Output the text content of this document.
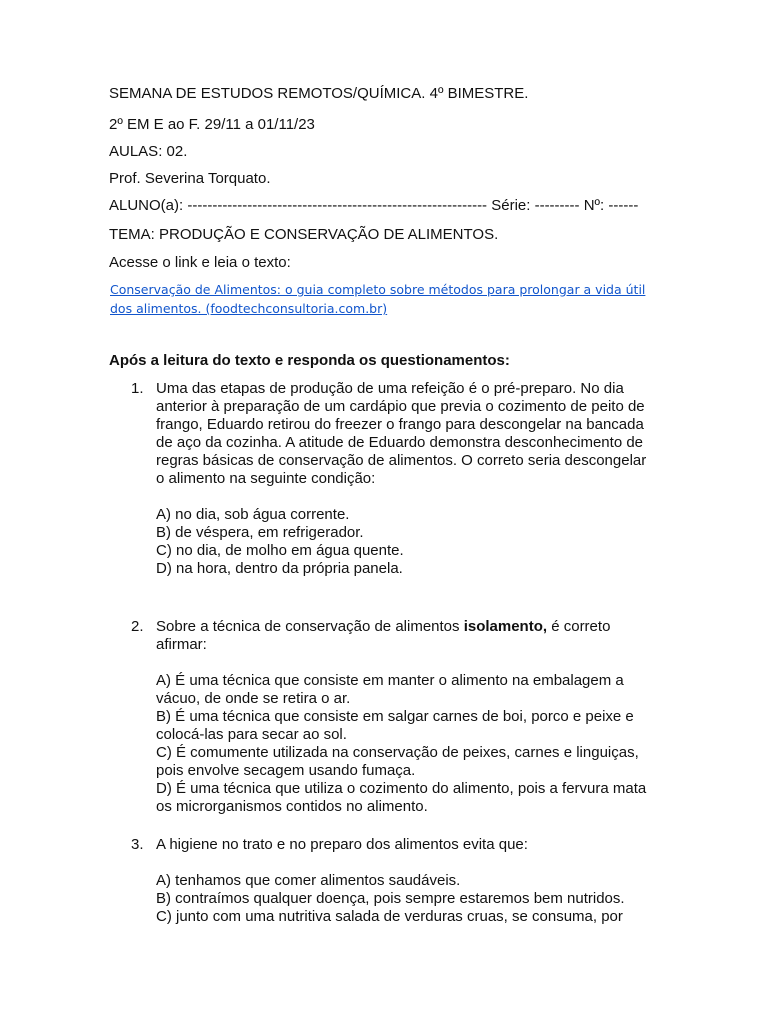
SEMANA DE ESTUDOS REMOTOS/QUÍMICA. 4º BIMESTRE.
2º EM E ao F. 29/11 a 01/11/23
AULAS: 02.
Prof. Severina Torquato.
ALUNO(a): ------------------------------------------------------------ Série: --------- Nº: ------
TEMA: PRODUÇÃO E CONSERVAÇÃO DE ALIMENTOS.
Acesse o link e leia o texto:
Conservação de Alimentos: o guia completo sobre métodos para prolongar a vida útil dos alimentos. (foodtechconsultoria.com.br)
Após a leitura do texto e responda os questionamentos:
1. Uma das etapas de produção de uma refeição é o pré-preparo. No dia anterior à preparação de um cardápio que previa o cozimento de peito de frango, Eduardo retirou do freezer o frango para descongelar na bancada de aço da cozinha. A atitude de Eduardo demonstra desconhecimento de regras básicas de conservação de alimentos. O correto seria descongelar o alimento na seguinte condição:
A) no dia, sob água corrente.
B) de véspera, em refrigerador.
C) no dia, de molho em água quente.
D) na hora, dentro da própria panela.
2. Sobre a técnica de conservação de alimentos isolamento, é correto afirmar:
A) É uma técnica que consiste em manter o alimento na embalagem a vácuo, de onde se retira o ar.
B) É uma técnica que consiste em salgar carnes de boi, porco e peixe e colocá-las para secar ao sol.
C) É comumente utilizada na conservação de peixes, carnes e linguiças, pois envolve secagem usando fumaça.
D) É uma técnica que utiliza o cozimento do alimento, pois a fervura mata os microrganismos contidos no alimento.
3. A higiene no trato e no preparo dos alimentos evita que:
A) tenhamos que comer alimentos saudáveis.
B) contraímos qualquer doença, pois sempre estaremos bem nutridos.
C) junto com uma nutritiva salada de verduras cruas, se consuma, por
